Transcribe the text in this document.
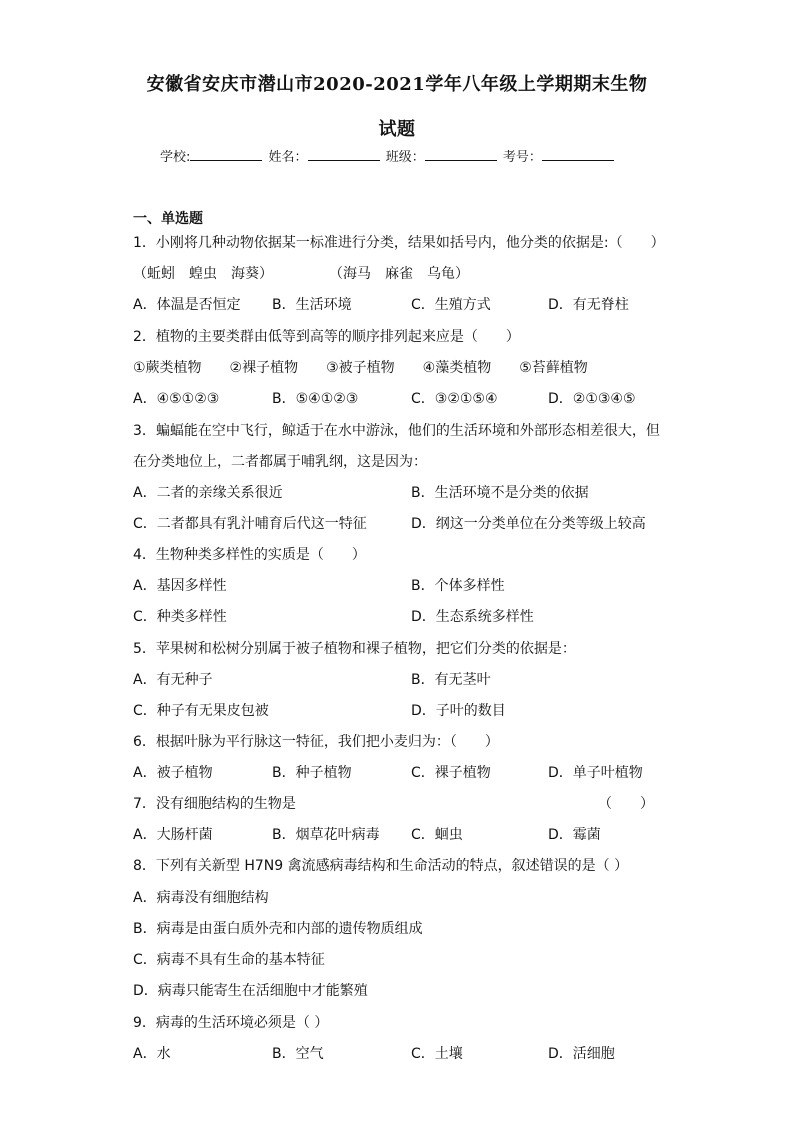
安徽省安庆市潜山市2020-2021学年八年级上学期期末生物
试题
学校:	姓名：	班级：	考号：
一、单选题
1．小刚将几种动物依据某一标准进行分类，结果如括号内，他分类的依据是:（　　）
（蚯蚓　蝗虫　海葵）　　　　　（海马　麻雀　乌龟）
A．体温是否恒定 B．生活环境	C．生殖方式	D．有无脊柱
2．植物的主要类群由低等到高等的顺序排列起来应是（　　）
①蕨类植物　　②裸子植物　　③被子植物　　④藻类植物　　⑤苔藓植物
A．④⑤①②③	B．⑤④①②③	C．③②①⑤④	D．②①③④⑤
3．蝙蝠能在空中飞行，鲸适于在水中游泳，他们的生活环境和外部形态相差很大，但
在分类地位上，二者都属于哺乳纲，这是因为：
A．二者的亲缘关系很近	B．生活环境不是分类的依据
C．二者都具有乳汁哺育后代这一特征	D．纲这一分类单位在分类等级上较高
4．生物种类多样性的实质是（　　）
A．基因多样性	B．个体多样性
C．种类多样性	D．生态系统多样性
5．苹果树和松树分别属于被子植物和裸子植物，把它们分类的依据是：
A．有无种子	B．有无茎叶
C．种子有无果皮包被	D．子叶的数目
6．根据叶脉为平行脉这一特征，我们把小麦归为：（　　）
A．被子植物	B．种子植物	C．裸子植物	D．单子叶植物
7．没有细胞结构的生物是	（　　）
A．大肠杆菌	B．烟草花叶病毒 C．蛔虫	D．霉菌
8．下列有关新型 H7N9 禽流感病毒结构和生命活动的特点，叙述错误的是（ ）
A．病毒没有细胞结构
B．病毒是由蛋白质外壳和内部的遗传物质组成
C．病毒不具有生命的基本特征
D．病毒只能寄生在活细胞中才能繁殖
9．病毒的生活环境必须是（ ）
A．水	B．空气	C．土壤	D．活细胞
